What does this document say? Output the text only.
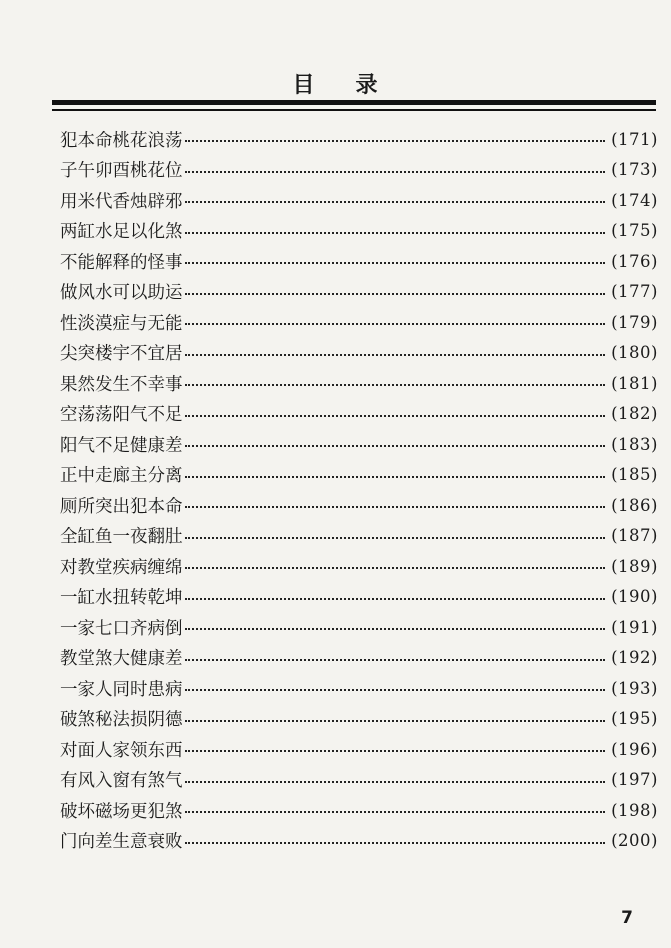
目 录
犯本命桃花浪荡	(171)
子午卯酉桃花位	(173)
用米代香烛辟邪	(174)
两缸水足以化煞	(175)
不能解释的怪事	(176)
做风水可以助运	(177)
性淡漠症与无能	(179)
尖突楼宇不宜居	(180)
果然发生不幸事	(181)
空荡荡阳气不足	(182)
阳气不足健康差	(183)
正中走廊主分离	(185)
厕所突出犯本命	(186)
全缸鱼一夜翻肚	(187)
对教堂疾病缠绵	(189)
一缸水扭转乾坤	(190)
一家七口齐病倒	(191)
教堂煞大健康差	(192)
一家人同时患病	(193)
破煞秘法损阴德	(195)
对面人家领东西	(196)
有风入窗有煞气	(197)
破坏磁场更犯煞	(198)
门向差生意衰败	(200)
7
